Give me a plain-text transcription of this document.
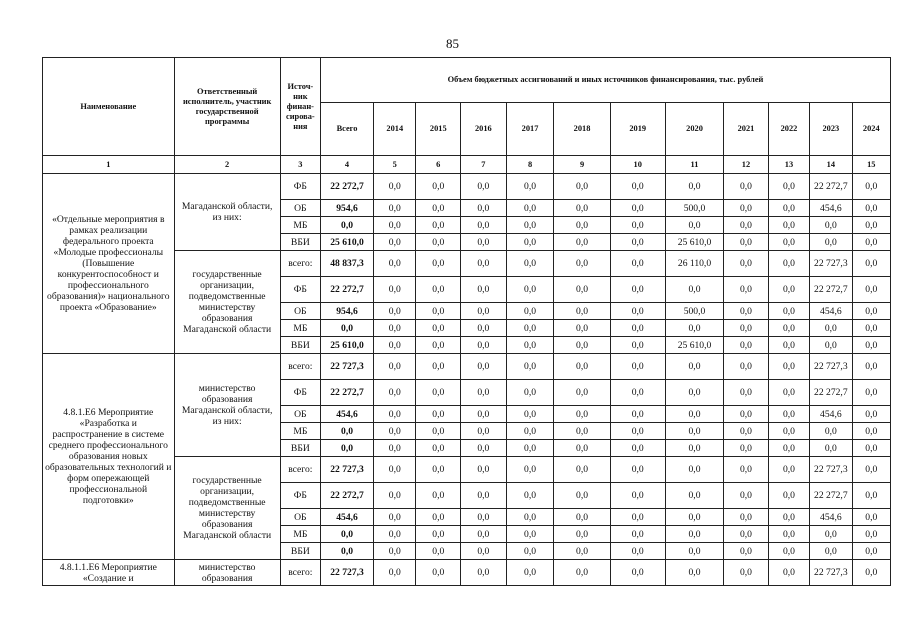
85
Наименование	Ответственный исполнитель, участник государственной программы	Источ-ник финан-сирова-ния	Объем бюджетных ассигнований и иных источников финансирования, тыс. рублей											
			Всего	2014	2015	2016	2017	2018	2019	2020	2021	2022	2023	2024
1	2	3	4	5	6	7	8	9	10	11	12	13	14	15
«Отдельные мероприятия в рамках реализации федерального проекта «Молодые профессионалы (Повышение конкурентоспособност и профессионального образования)» национального проекта «Образование»	Магаданской области, из них:	ФБ	22 272,7	0,0	0,0	0,0	0,0	0,0	0,0	0,0	0,0	0,0	22 272,7	0,0
		ОБ	954,6	0,0	0,0	0,0	0,0	0,0	0,0	500,0	0,0	0,0	454,6	0,0
		МБ	0,0	0,0	0,0	0,0	0,0	0,0	0,0	0,0	0,0	0,0	0,0	0,0
		ВБИ	25 610,0	0,0	0,0	0,0	0,0	0,0	0,0	25 610,0	0,0	0,0	0,0	0,0
	государственные организации, подведомственные министерству образования Магаданской области	всего:	48 837,3	0,0	0,0	0,0	0,0	0,0	0,0	26 110,0	0,0	0,0	22 727,3	0,0
		ФБ	22 272,7	0,0	0,0	0,0	0,0	0,0	0,0	0,0	0,0	0,0	22 272,7	0,0
		ОБ	954,6	0,0	0,0	0,0	0,0	0,0	0,0	500,0	0,0	0,0	454,6	0,0
		МБ	0,0	0,0	0,0	0,0	0,0	0,0	0,0	0,0	0,0	0,0	0,0	0,0
		ВБИ	25 610,0	0,0	0,0	0,0	0,0	0,0	0,0	25 610,0	0,0	0,0	0,0	0,0
4.8.1.Е6 Мероприятие «Разработка и распространение в системе среднего профессионального образования новых образовательных технологий и форм опережающей профессиональной подготовки»	министерство образования Магаданской области, из них:	всего:	22 727,3	0,0	0,0	0,0	0,0	0,0	0,0	0,0	0,0	0,0	22 727,3	0,0
		ФБ	22 272,7	0,0	0,0	0,0	0,0	0,0	0,0	0,0	0,0	0,0	22 272,7	0,0
		ОБ	454,6	0,0	0,0	0,0	0,0	0,0	0,0	0,0	0,0	0,0	454,6	0,0
		МБ	0,0	0,0	0,0	0,0	0,0	0,0	0,0	0,0	0,0	0,0	0,0	0,0
		ВБИ	0,0	0,0	0,0	0,0	0,0	0,0	0,0	0,0	0,0	0,0	0,0	0,0
	государственные организации, подведомственные министерству образования Магаданской области	всего:	22 727,3	0,0	0,0	0,0	0,0	0,0	0,0	0,0	0,0	0,0	22 727,3	0,0
		ФБ	22 272,7	0,0	0,0	0,0	0,0	0,0	0,0	0,0	0,0	0,0	22 272,7	0,0
		ОБ	454,6	0,0	0,0	0,0	0,0	0,0	0,0	0,0	0,0	0,0	454,6	0,0
		МБ	0,0	0,0	0,0	0,0	0,0	0,0	0,0	0,0	0,0	0,0	0,0	0,0
		ВБИ	0,0	0,0	0,0	0,0	0,0	0,0	0,0	0,0	0,0	0,0	0,0	0,0
4.8.1.1.Е6 Мероприятие «Создание и	министерство образования	всего:	22 727,3	0,0	0,0	0,0	0,0	0,0	0,0	0,0	0,0	0,0	22 727,3	0,0
